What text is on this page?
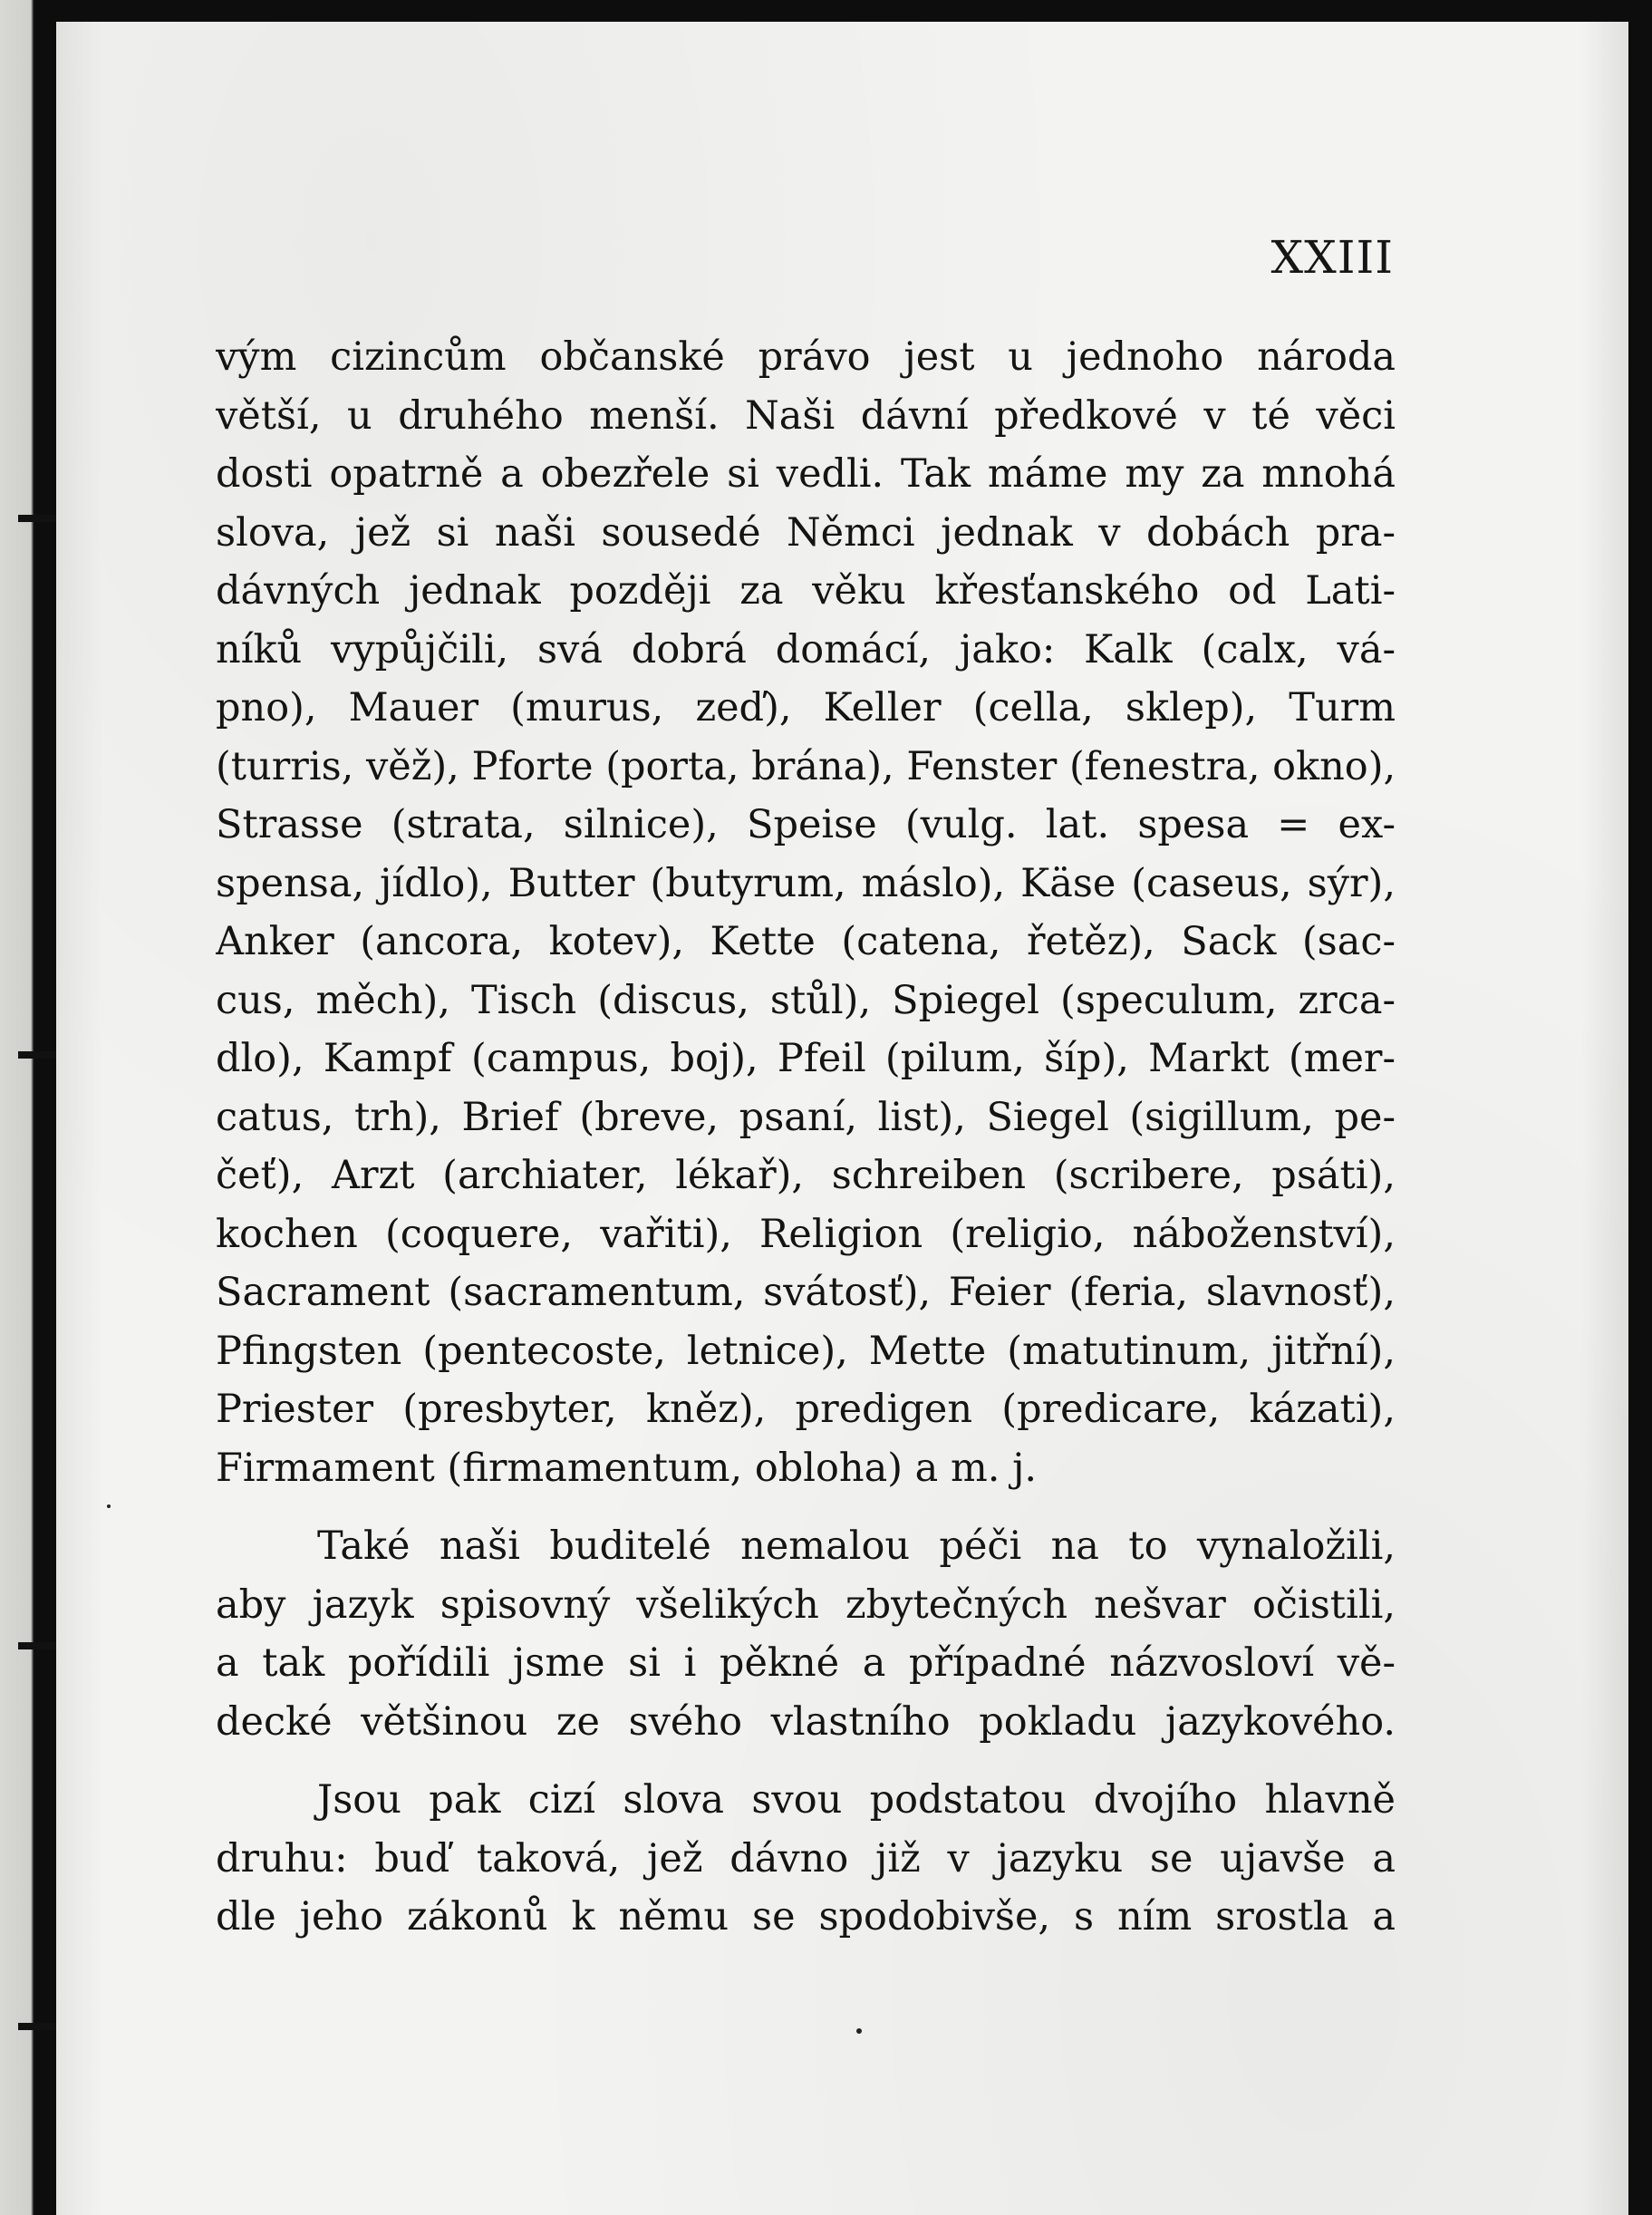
XXIII
vým cizincům občanské právo jest u jednoho národa
větší, u druhého menší. Naši dávní předkové v té věci
dosti opatrně a obezřele si vedli. Tak máme my za mnohá
slova, jež si naši sousedé Němci jednak v dobách pra-
dávných jednak později za věku křesťanského od Lati-
níků vypůjčili, svá dobrá domácí, jako: Kalk (calx, vá-
pno), Mauer (murus, zeď), Keller (cella, sklep), Turm
(turris, věž), Pforte (porta, brána), Fenster (fenestra, okno),
Strasse (strata, silnice), Speise (vulg. lat. spesa = ex-
spensa, jídlo), Butter (butyrum, máslo), Käse (caseus, sýr),
Anker (ancora, kotev), Kette (catena, řetěz), Sack (sac-
cus, měch), Tisch (discus, stůl), Spiegel (speculum, zrca-
dlo), Kampf (campus, boj), Pfeil (pilum, šíp), Markt (mer-
catus, trh), Brief (breve, psaní, list), Siegel (sigillum, pe-
čeť), Arzt (archiater, lékař), schreiben (scribere, psáti),
kochen (coquere, vařiti), Religion (religio, náboženství),
Sacrament (sacramentum, svátosť), Feier (feria, slavnosť),
Pfingsten (pentecoste, letnice), Mette (matutinum, jitřní),
Priester (presbyter, kněz), predigen (predicare, kázati),
Firmament (firmamentum, obloha) a m. j.
Také naši buditelé nemalou péči na to vynaložili,
aby jazyk spisovný všelikých zbytečných nešvar očistili,
a tak pořídili jsme si i pěkné a případné názvosloví vě-
decké většinou ze svého vlastního pokladu jazykového.
Jsou pak cizí slova svou podstatou dvojího hlavně
druhu: buď taková, jež dávno již v jazyku se ujavše a
dle jeho zákonů k němu se spodobivše, s ním srostla a
